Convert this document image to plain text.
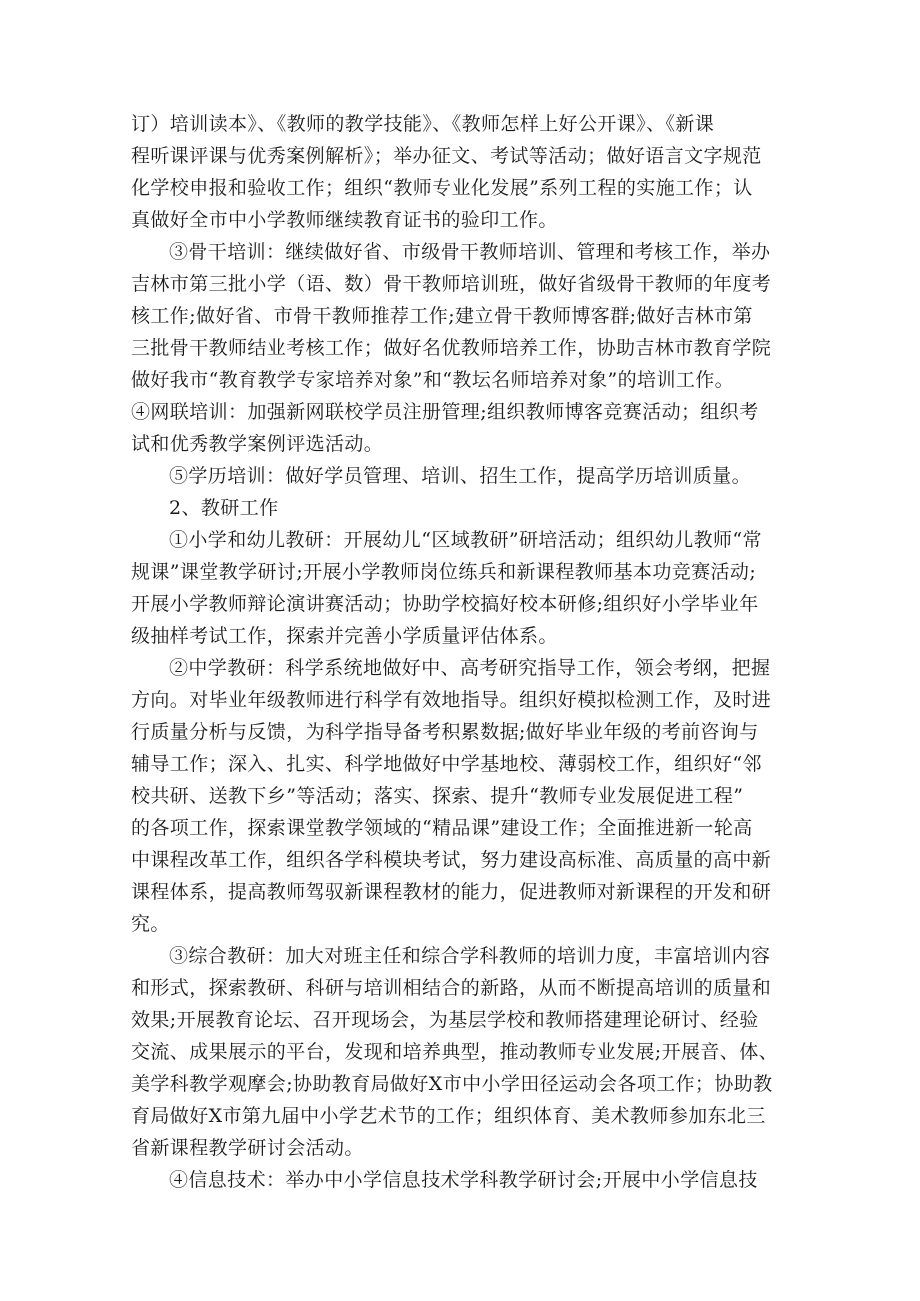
订）培训读本》、《教师的教学技能》、《教师怎样上好公开课》、《新课
程听课评课与优秀案例解析》；举办征文、考试等活动；做好语言文字规范
化学校申报和验收工作；组织“教师专业化发展”系列工程的实施工作；认
真做好全市中小学教师继续教育证书的验印工作。
③骨干培训：继续做好省、市级骨干教师培训、管理和考核工作，举办
吉林市第三批小学（语、数）骨干教师培训班，做好省级骨干教师的年度考
核工作;做好省、市骨干教师推荐工作;建立骨干教师博客群;做好吉林市第
三批骨干教师结业考核工作；做好名优教师培养工作，协助吉林市教育学院
做好我市“教育教学专家培养对象”和“教坛名师培养对象”的培训工作。
④网联培训：加强新网联校学员注册管理;组织教师博客竞赛活动；组织考
试和优秀教学案例评选活动。
⑤学历培训：做好学员管理、培训、招生工作，提高学历培训质量。
2、教研工作
①小学和幼儿教研：开展幼儿“区域教研”研培活动；组织幼儿教师“常
规课”课堂教学研讨;开展小学教师岗位练兵和新课程教师基本功竞赛活动;
开展小学教师辩论演讲赛活动；协助学校搞好校本研修;组织好小学毕业年
级抽样考试工作，探索并完善小学质量评估体系。
②中学教研：科学系统地做好中、高考研究指导工作，领会考纲，把握
方向。对毕业年级教师进行科学有效地指导。组织好模拟检测工作，及时进
行质量分析与反馈，为科学指导备考积累数据;做好毕业年级的考前咨询与
辅导工作；深入、扎实、科学地做好中学基地校、薄弱校工作，组织好“邻
校共研、送教下乡”等活动；落实、探索、提升“教师专业发展促进工程”
的各项工作，探索课堂教学领域的“精品课”建设工作；全面推进新一轮高
中课程改革工作，组织各学科模块考试，努力建设高标准、高质量的高中新
课程体系，提高教师驾驭新课程教材的能力，促进教师对新课程的开发和研
究。
③综合教研：加大对班主任和综合学科教师的培训力度，丰富培训内容
和形式，探索教研、科研与培训相结合的新路，从而不断提高培训的质量和
效果;开展教育论坛、召开现场会，为基层学校和教师搭建理论研讨、经验
交流、成果展示的平台，发现和培养典型，推动教师专业发展;开展音、体、
美学科教学观摩会;协助教育局做好X市中小学田径运动会各项工作；协助教
育局做好X市第九届中小学艺术节的工作；组织体育、美术教师参加东北三
省新课程教学研讨会活动。
④信息技术：举办中小学信息技术学科教学研讨会;开展中小学信息技
